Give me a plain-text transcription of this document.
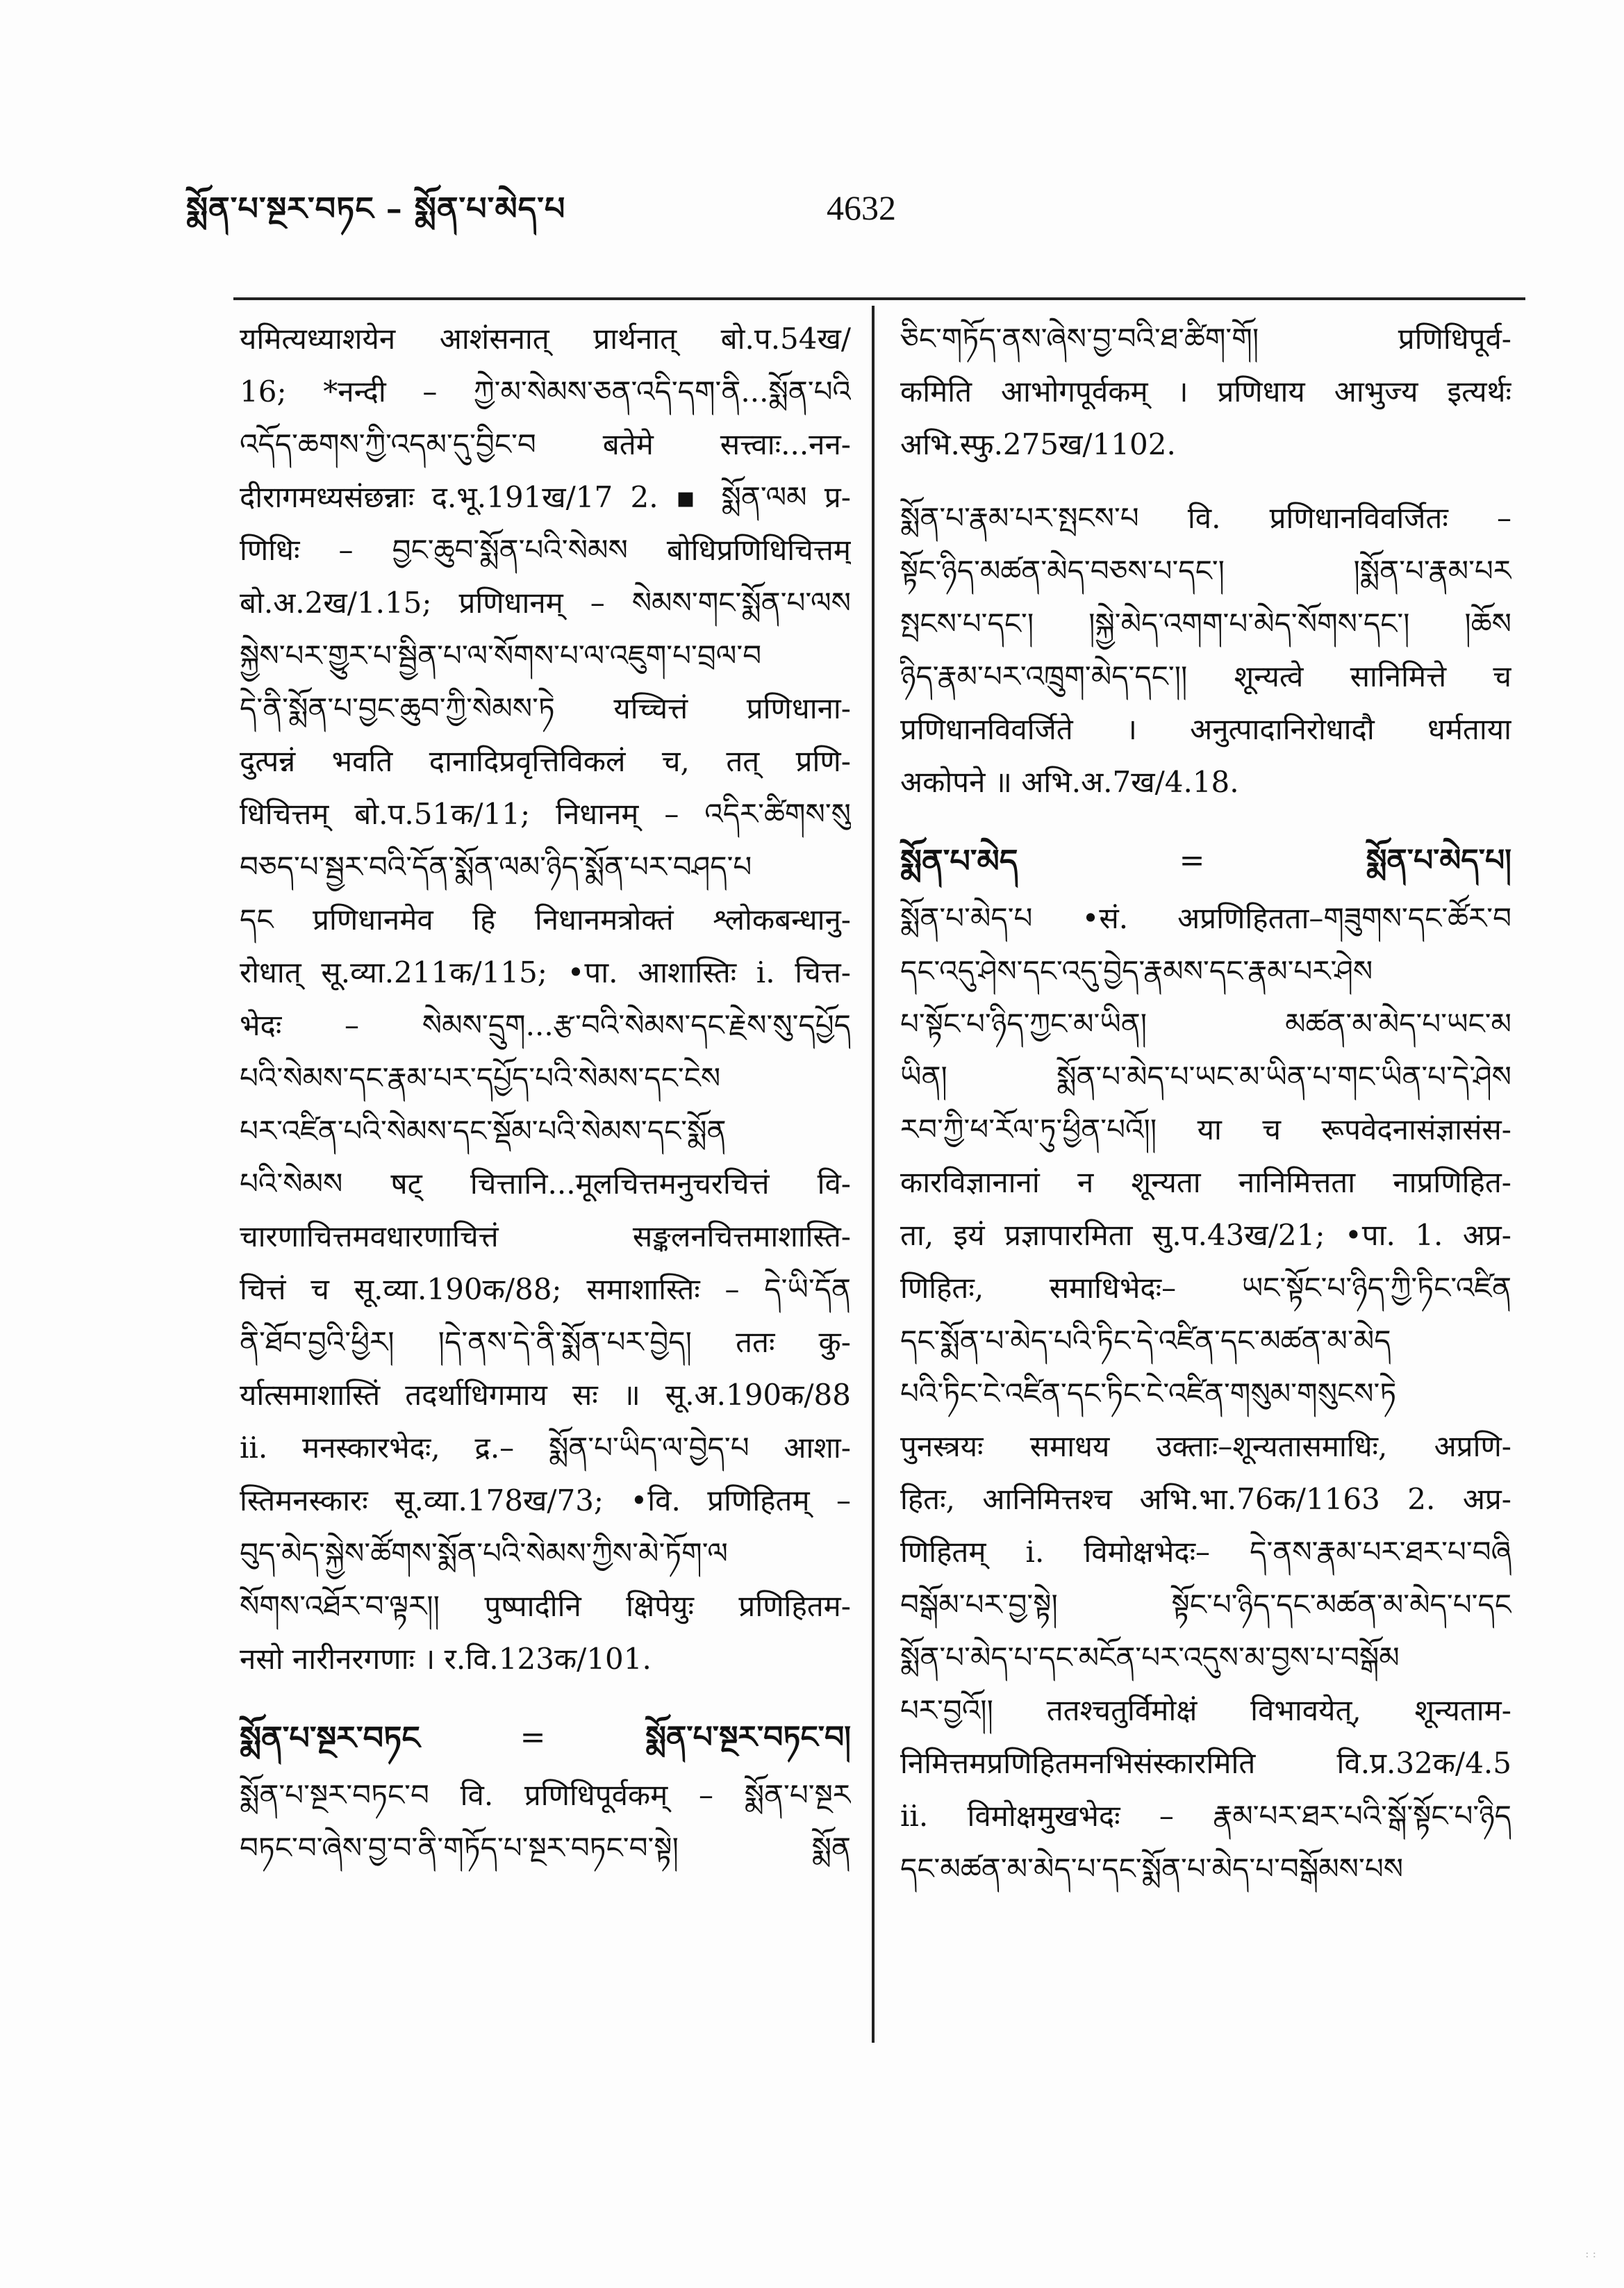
སྨོན་པ་སྔར་བཏང – སྨོན་པ་མེད་པ	4632
यमित्यध्याशयेन आशंसनात् प्रार्थनात् बो.प.54ख/
16; *नन्दी – ཀྱེ་མ་སེམས་ཅན་འདི་དག་ནི...སྨོན་པའི
འདོད་ཆགས་ཀྱི་འདམ་དུ་བྱིང་བ बतेमे सत्त्वाः...नन-
दीरागमध्यसंछन्नाः द.भू.191ख/17 2. ▪ སྨོན་ལམ प्र-
णिधिः – བྱང་ཆུབ་སྨོན་པའི་སེམས बोधिप्रणिधिचित्तम्
बो.अ.2ख/1.15; प्रणिधानम् – སེམས་གང་སྨོན་པ་ལས
སྐྱེས་པར་གྱུར་པ་སྦྱིན་པ་ལ་སོགས་པ་ལ་འཇུག་པ་བྲལ་བ
དེ་ནི་སྨོན་པ་བྱང་ཆུབ་ཀྱི་སེམས་ཏེ यच्चित्तं प्रणिधाना-
दुत्पन्नं भवति दानादिप्रवृत्तिविकलं च, तत् प्रणि-
धिचित्तम् बो.प.51क/11; निधानम् – འདིར་ཚིགས་སུ
བཅད་པ་སྦྱར་བའི་དོན་སྨོན་ལམ་ཉིད་སྨོན་པར་བཤད་པ
དང प्रणिधानमेव हि निधानमत्रोक्तं श्लोकबन्धानु-
रोधात् सू.व्या.211क/115; •पा. आशास्तिः i. चित्त-
भेदः – སེམས་དྲུག...རྩ་བའི་སེམས་དང་རྗེས་སུ་དཔྱོད
པའི་སེམས་དང་རྣམ་པར་དཔྱོད་པའི་སེམས་དང་ངེས
པར་འཛིན་པའི་སེམས་དང་སྡོམ་པའི་སེམས་དང་སྨོན
པའི་སེམས षट् चित्तानि...मूलचित्तमनुचरचित्तं वि-
चारणाचित्तमवधारणाचित्तं सङ्कलनचित्तमाशास्ति-
चित्तं च सू.व्या.190क/88; समाशास्तिः – དེ་ཡི་དོན
ནི་ཐོབ་བྱའི་ཕྱིར། །དེ་ནས་དེ་ནི་སྨོན་པར་བྱེད། ततः कु-
र्यात्समाशास्तिं तदर्थाधिगमाय सः ॥ सू.अ.190क/88
ii. मनस्कारभेदः, द्र.– སྨོན་པ་ཡིད་ལ་བྱེད་པ आशा-
स्तिमनस्कारः सू.व्या.178ख/73; •वि. प्रणिहितम् –
བུད་མེད་སྐྱེས་ཚོགས་སྨོན་པའི་སེམས་ཀྱིས་མེ་ཏོག་ལ
སོགས་འཐོར་བ་ལྟར།། पुष्पादीनि क्षिपेयुः प्रणिहितम-
नसो नारीनरगणाः । र.वि.123क/101.
སྨོན་པ་སྔར་བཏང	=	སྨོན་པ་སྔར་བཏང་བ།
སྨོན་པ་སྔར་བཏང་བ वि. प्रणिधिपूर्वकम् – སྨོན་པ་སྔར
བཏང་བ་ཞེས་བྱ་བ་ནི་གཏོད་པ་སྔར་བཏང་བ་སྟེ། སྨོན
ཅིང་གཏོད་ནས་ཞེས་བྱ་བའི་ཐ་ཚིག་གོ། प्रणिधिपूर्व-
कमिति आभोगपूर्वकम् । प्रणिधाय आभुज्य इत्यर्थः
अभि.स्फु.275ख/1102.
སྨོན་པ་རྣམ་པར་སྤངས་པ वि. प्रणिधानविवर्जितः –
སྟོང་ཉིད་མཚན་མེད་བཅས་པ་དང་། །སྨོན་པ་རྣམ་པར
སྤངས་པ་དང་། །སྐྱེ་མེད་འགག་པ་མེད་སོགས་དང་། །ཆོས
ཉིད་རྣམ་པར་འཁྲུག་མེད་དང་།། शून्यत्वे सानिमित्ते च
प्रणिधानविवर्जिते । अनुत्पादानिरोधादौ धर्मताया
अकोपने ॥ अभि.अ.7ख/4.18.
སྨོན་པ་མེད	=	སྨོན་པ་མེད་པ།
སྨོན་པ་མེད་པ •सं. अप्रणिहितता–གཟུགས་དང་ཚོར་བ
དང་འདུ་ཤེས་དང་འདུ་བྱེད་རྣམས་དང་རྣམ་པར་ཤེས
པ་སྟོང་པ་ཉིད་ཀྱང་མ་ཡིན། མཚན་མ་མེད་པ་ཡང་མ
ཡིན། སྨོན་པ་མེད་པ་ཡང་མ་ཡིན་པ་གང་ཡིན་པ་དེ་ཤེས
རབ་ཀྱི་ཕ་རོལ་ཏུ་ཕྱིན་པའོ།། या च रूपवेदनासंज्ञासंस-
कारविज्ञानानां न शून्यता नानिमित्तता नाप्रणिहित-
ता, इयं प्रज्ञापारमिता सु.प.43ख/21; •पा. 1. अप्र-
णिहितः, समाधिभेदः– ཡང་སྟོང་པ་ཉིད་ཀྱི་ཏིང་འཛིན
དང་སྨོན་པ་མེད་པའི་ཏིང་དེ་འཛིན་དང་མཚན་མ་མེད
པའི་ཏིང་ངེ་འཛིན་དང་ཏིང་ངེ་འཛིན་གསུམ་གསུངས་ཏེ
पुनस्त्रयः समाधय उक्ताः–शून्यतासमाधिः, अप्रणि-
हितः, आनिमित्तश्च अभि.भा.76क/1163 2. अप्र-
णिहितम् i. विमोक्षभेदः– དེ་ནས་རྣམ་པར་ཐར་པ་བཞི
བསྒོམ་པར་བྱ་སྟེ། སྟོང་པ་ཉིད་དང་མཚན་མ་མེད་པ་དང
སྨོན་པ་མེད་པ་དང་མངོན་པར་འདུས་མ་བྱས་པ་བསྒོམ
པར་བྱའོ།། ततश्चतुर्विमोक्षं विभावयेत्, शून्यताम-
निमित्तमप्रणिहितमनभिसंस्कारमिति वि.प्र.32क/4.5
ii. विमोक्षमुखभेदः – རྣམ་པར་ཐར་པའི་སྒོ་སྟོང་པ་ཉིད
དང་མཚན་མ་མེད་པ་དང་སྨོན་པ་མེད་པ་བསྒོམས་པས
: :
